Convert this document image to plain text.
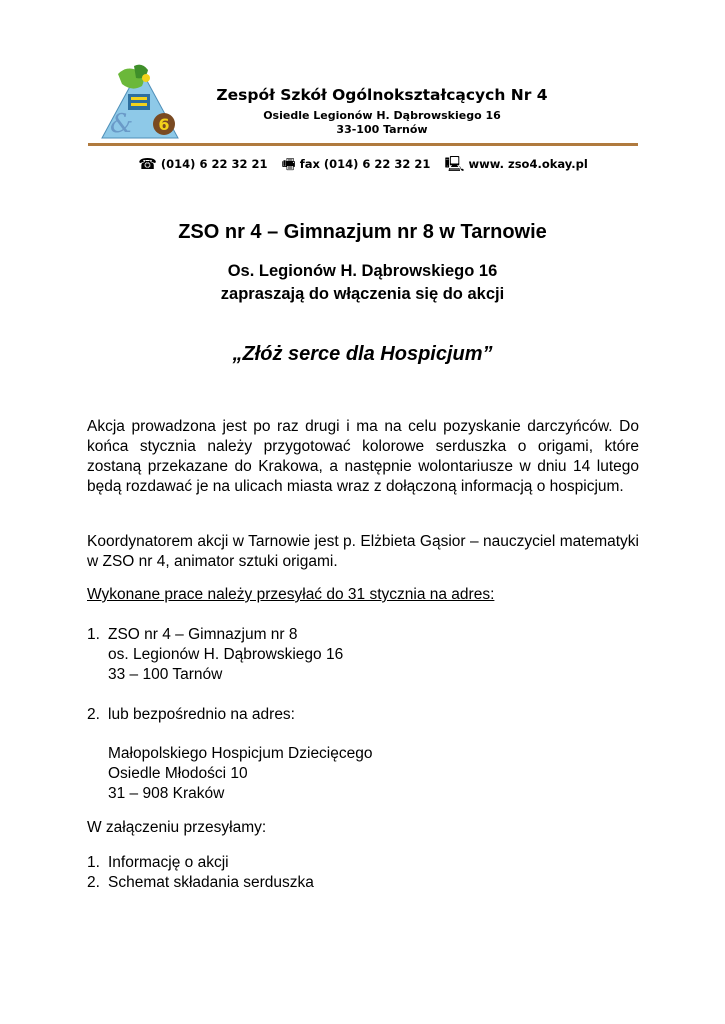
& 6
Zespół Szkół Ogólnokształcących Nr 4
Osiedle Legionów H. Dąbrowskiego 16
33-100 Tarnów
☎ (014) 6 22 32 21 🖷 fax (014) 6 22 32 21 🖳 www. zso4.okay.pl
ZSO nr 4 – Gimnazjum nr 8 w Tarnowie
Os. Legionów H. Dąbrowskiego 16
zapraszają do włączenia się do akcji
„Złóż serce dla Hospicjum”
Akcja prowadzona jest po raz drugi i ma na celu pozyskanie darczyńców. Do końca stycznia należy przygotować kolorowe serduszka o origami, które zostaną przekazane do Krakowa, a następnie wolontariusze w dniu 14 lutego będą rozdawać je na ulicach miasta wraz z dołączoną informacją o hospicjum.
Koordynatorem akcji w Tarnowie jest p. Elżbieta Gąsior – nauczyciel matematyki w ZSO nr 4, animator sztuki origami.
Wykonane prace należy przesyłać do 31 stycznia na adres:
1. ZSO nr 4 – Gimnazjum nr 8
os. Legionów H. Dąbrowskiego 16
33 – 100 Tarnów
2. lub bezpośrednio na adres:
Małopolskiego Hospicjum Dziecięcego
Osiedle Młodości 10
31 – 908 Kraków
W załączeniu przesyłamy:
1. Informację o akcji
2. Schemat składania serduszka
